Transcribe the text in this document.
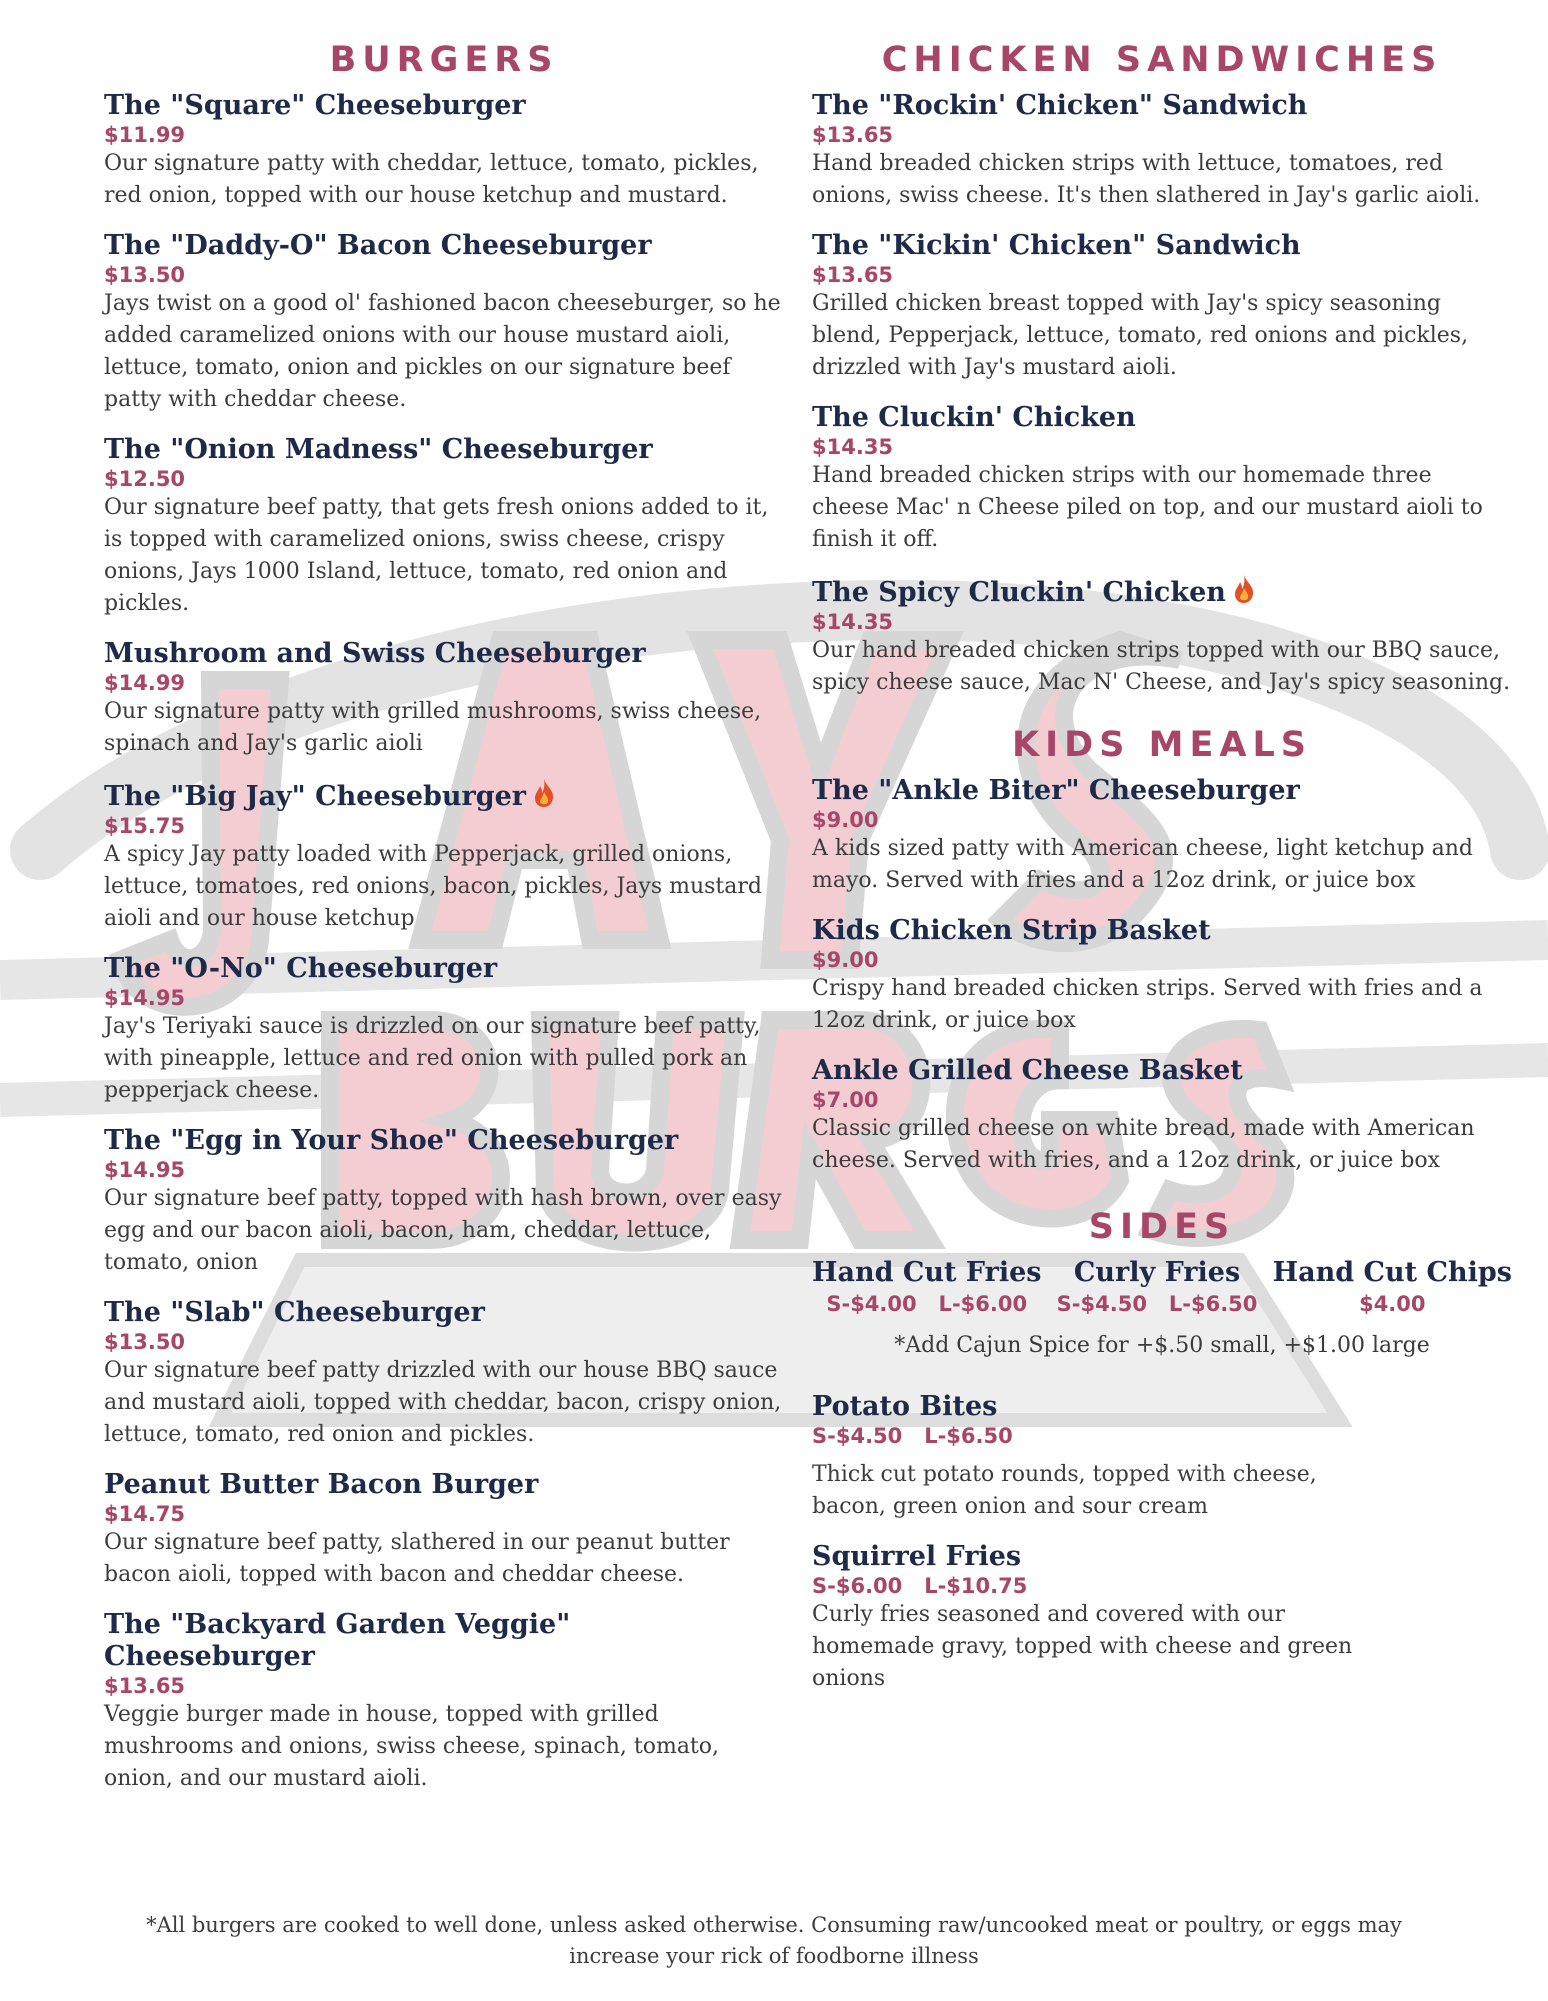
BURGERS
The "Square" Cheeseburger
$11.99
Our signature patty with cheddar, lettuce, tomato, pickles, red onion, topped with our house ketchup and mustard.
The "Daddy-O" Bacon Cheeseburger
$13.50
Jays twist on a good ol' fashioned bacon cheeseburger, so he added caramelized onions with our house mustard aioli, lettuce, tomato, onion and pickles on our signature beef patty with cheddar cheese.
The "Onion Madness" Cheeseburger
$12.50
Our signature beef patty, that gets fresh onions added to it, is topped with caramelized onions, swiss cheese, crispy onions, Jays 1000 Island, lettuce, tomato, red onion and pickles.
Mushroom and Swiss Cheeseburger
$14.99
Our signature patty with grilled mushrooms, swiss cheese, spinach and Jay's garlic aioli
The "Big Jay" Cheeseburger
$15.75
A spicy Jay patty loaded with Pepperjack, grilled onions, lettuce, tomatoes, red onions, bacon, pickles, Jays mustard aioli and our house ketchup
The "O-No" Cheeseburger
$14.95
Jay's Teriyaki sauce is drizzled on our signature beef patty, with pineapple, lettuce and red onion with pulled pork an pepperjack cheese.
The "Egg in Your Shoe" Cheeseburger
$14.95
Our signature beef patty, topped with hash brown, over easy egg and our bacon aioli, bacon, ham, cheddar, lettuce, tomato, onion
The "Slab" Cheeseburger
$13.50
Our signature beef patty drizzled with our house BBQ sauce and mustard aioli, topped with cheddar, bacon, crispy onion, lettuce, tomato, red onion and pickles.
Peanut Butter Bacon Burger
$14.75
Our signature beef patty, slathered in our peanut butter bacon aioli, topped with bacon and cheddar cheese.
The "Backyard Garden Veggie" Cheeseburger
$13.65
Veggie burger made in house, topped with grilled mushrooms and onions, swiss cheese, spinach, tomato, onion, and our mustard aioli.
CHICKEN SANDWICHES
The "Rockin' Chicken" Sandwich
$13.65
Hand breaded chicken strips with lettuce, tomatoes, red onions, swiss cheese. It's then slathered in Jay's garlic aioli.
The "Kickin' Chicken" Sandwich
$13.65
Grilled chicken breast topped with Jay's spicy seasoning blend, Pepperjack, lettuce, tomato, red onions and pickles, drizzled with Jay's mustard aioli.
The Cluckin' Chicken
$14.35
Hand breaded chicken strips with our homemade three cheese Mac' n Cheese piled on top, and our mustard aioli to finish it off.
The Spicy Cluckin' Chicken
$14.35
Our hand breaded chicken strips topped with our BBQ sauce, spicy cheese sauce, Mac N' Cheese, and Jay's spicy seasoning.
KIDS MEALS
The "Ankle Biter" Cheeseburger
$9.00
A kids sized patty with American cheese, light ketchup and mayo. Served with fries and a 12oz drink, or juice box
Kids Chicken Strip Basket
$9.00
Crispy hand breaded chicken strips. Served with fries and a 12oz drink, or juice box
Ankle Grilled Cheese Basket
$7.00
Classic grilled cheese on white bread, made with American cheese. Served with fries, and a 12oz drink, or juice box
SIDES
Hand Cut Fries
S-$4.00   L-$6.00
Curly Fries
S-$4.50   L-$6.50
Hand Cut Chips
$4.00
*Add Cajun Spice for +$.50 small, +$1.00 large
Potato Bites
S-$4.50   L-$6.50
Thick cut potato rounds, topped with cheese, bacon, green onion and sour cream
Squirrel Fries
S-$6.00   L-$10.75
Curly fries seasoned and covered with our homemade gravy, topped with cheese and green onions
*All burgers are cooked to well done, unless asked otherwise. Consuming raw/uncooked meat or poultry, or eggs may increase your rick of foodborne illness
